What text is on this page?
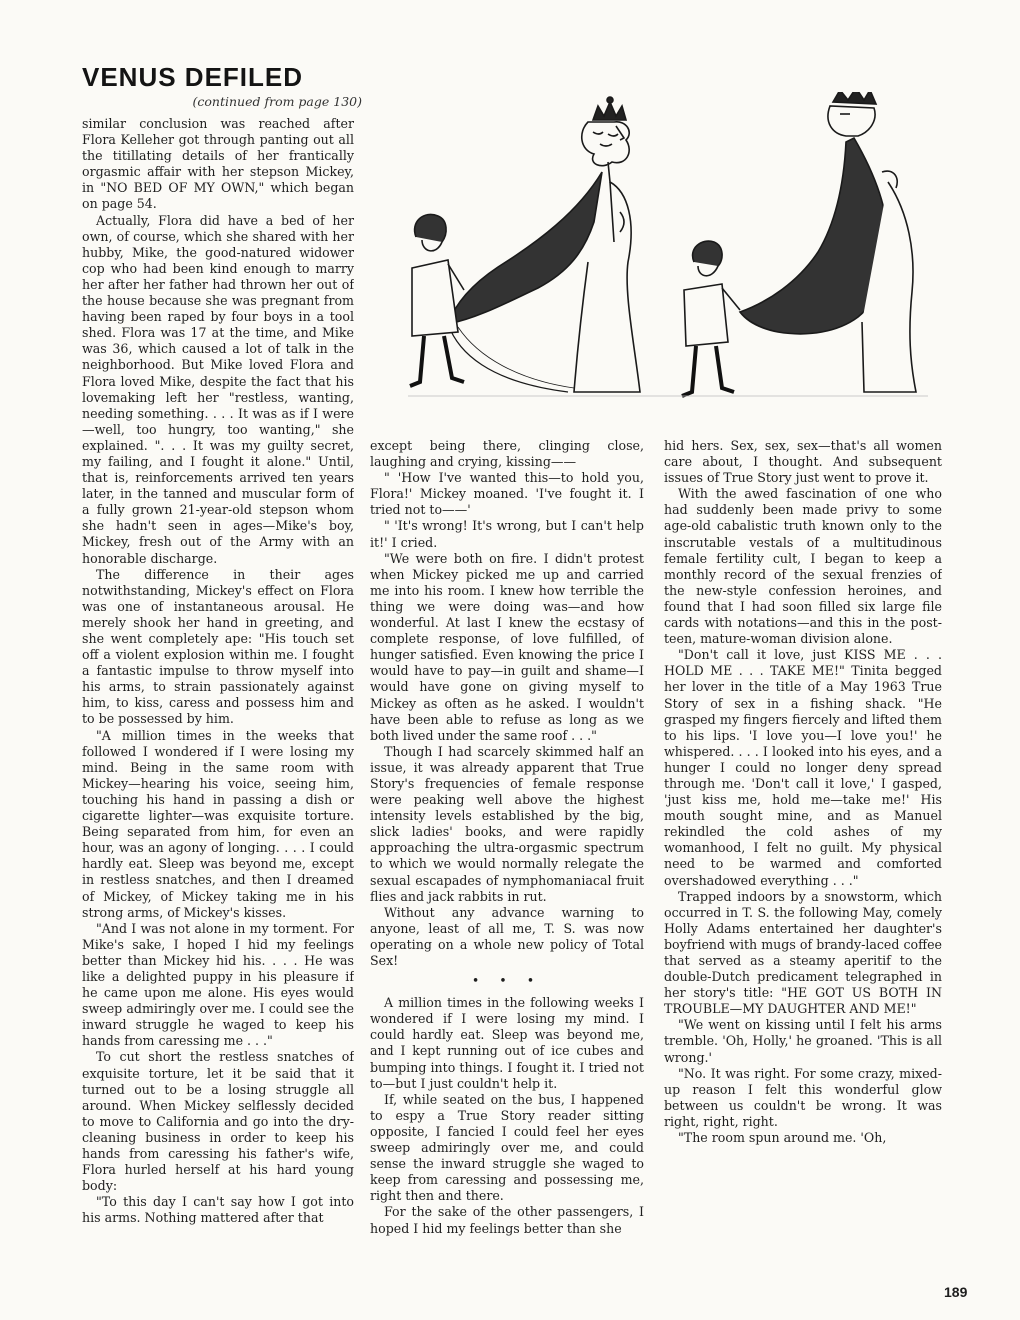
VENUS DEFILED

(continued from page 130)

similar conclusion was reached after Flora Kelleher got through panting out all the titillating details of her frantically orgasmic affair with her stepson Mickey, in "NO BED OF MY OWN," which began on page 54.

Actually, Flora did have a bed of her own, of course, which she shared with her hubby, Mike, the good-natured widower cop who had been kind enough to marry her after her father had thrown her out of the house because she was pregnant from having been raped by four boys in a tool shed. Flora was 17 at the time, and Mike was 36, which caused a lot of talk in the neighborhood. But Mike loved Flora and Flora loved Mike, despite the fact that his lovemaking left her "restless, wanting, needing something. . . . It was as if I were—well, too hungry, too wanting," she explained. ". . . It was my guilty secret, my failing, and I fought it alone." Until, that is, reinforcements arrived ten years later, in the tanned and muscular form of a fully grown 21-year-old stepson whom she hadn't seen in ages—Mike's boy, Mickey, fresh out of the Army with an honorable discharge.

The difference in their ages notwithstanding, Mickey's effect on Flora was one of instantaneous arousal. He merely shook her hand in greeting, and she went completely ape: "His touch set off a violent explosion within me. I fought a fantastic impulse to throw myself into his arms, to strain passionately against him, to kiss, caress and possess him and to be possessed by him.

"A million times in the weeks that followed I wondered if I were losing my mind. Being in the same room with Mickey—hearing his voice, seeing him, touching his hand in passing a dish or cigarette lighter—was exquisite torture. Being separated from him, for even an hour, was an agony of longing. . . . I could hardly eat. Sleep was beyond me, except in restless snatches, and then I dreamed of Mickey, of Mickey taking me in his strong arms, of Mickey's kisses.

"And I was not alone in my torment. For Mike's sake, I hoped I hid my feelings better than Mickey hid his. . . . He was like a delighted puppy in his pleasure if he came upon me alone. His eyes would sweep admiringly over me. I could see the inward struggle he waged to keep his hands from caressing me . . ."

To cut short the restless snatches of exquisite torture, let it be said that it turned out to be a losing struggle all around. When Mickey selflessly decided to move to California and go into the dry-cleaning business in order to keep his hands from caressing his father's wife, Flora hurled herself at his hard young body:

"To this day I can't say how I got into his arms. Nothing mattered after that

except being there, clinging close, laughing and crying, kissing——

" 'How I've wanted this—to hold you, Flora!' Mickey moaned. 'I've fought it. I tried not to——'

" 'It's wrong! It's wrong, but I can't help it!' I cried.

"We were both on fire. I didn't protest when Mickey picked me up and carried me into his room. I knew how terrible the thing we were doing was—and how wonderful. At last I knew the ecstasy of complete response, of love fulfilled, of hunger satisfied. Even knowing the price I would have to pay—in guilt and shame—I would have gone on giving myself to Mickey as often as he asked. I wouldn't have been able to refuse as long as we both lived under the same roof . . ."

Though I had scarcely skimmed half an issue, it was already apparent that True Story's frequencies of female response were peaking well above the highest intensity levels established by the big, slick ladies' books, and were rapidly approaching the ultra-orgasmic spectrum to which we would normally relegate the sexual escapades of nymphomaniacal fruit flies and jack rabbits in rut.

Without any advance warning to anyone, least of all me, T. S. was now operating on a whole new policy of Total Sex!

• • •

A million times in the following weeks I wondered if I were losing my mind. I could hardly eat. Sleep was beyond me, and I kept running out of ice cubes and bumping into things. I fought it. I tried not to—but I just couldn't help it.

If, while seated on the bus, I happened to espy a True Story reader sitting opposite, I fancied I could feel her eyes sweep admiringly over me, and could sense the inward struggle she waged to keep from caressing and possessing me, right then and there.

For the sake of the other passengers, I hoped I hid my feelings better than she

hid hers. Sex, sex, sex—that's all women care about, I thought. And subsequent issues of True Story just went to prove it.

With the awed fascination of one who had suddenly been made privy to some age-old cabalistic truth known only to the inscrutable vestals of a multitudinous female fertility cult, I began to keep a monthly record of the sexual frenzies of the new-style confession heroines, and found that I had soon filled six large file cards with notations—and this in the post-teen, mature-woman division alone.

"Don't call it love, just KISS ME . . . HOLD ME . . . TAKE ME!" Tinita begged her lover in the title of a May 1963 True Story of sex in a fishing shack. "He grasped my fingers fiercely and lifted them to his lips. 'I love you—I love you!' he whispered. . . . I looked into his eyes, and a hunger I could no longer deny spread through me. 'Don't call it love,' I gasped, 'just kiss me, hold me—take me!' His mouth sought mine, and as Manuel rekindled the cold ashes of my womanhood, I felt no guilt. My physical need to be warmed and comforted overshadowed everything . . ."

Trapped indoors by a snowstorm, which occurred in T. S. the following May, comely Holly Adams entertained her daughter's boyfriend with mugs of brandy-laced coffee that served as a steamy aperitif to the double-Dutch predicament telegraphed in her story's title: "HE GOT US BOTH IN TROUBLE—MY DAUGHTER AND ME!"

"We went on kissing until I felt his arms tremble. 'Oh, Holly,' he groaned. 'This is all wrong.'

"No. It was right. For some crazy, mixed-up reason I felt this wonderful glow between us couldn't be wrong. It was right, right, right.

"The room spun around me. 'Oh,

189
